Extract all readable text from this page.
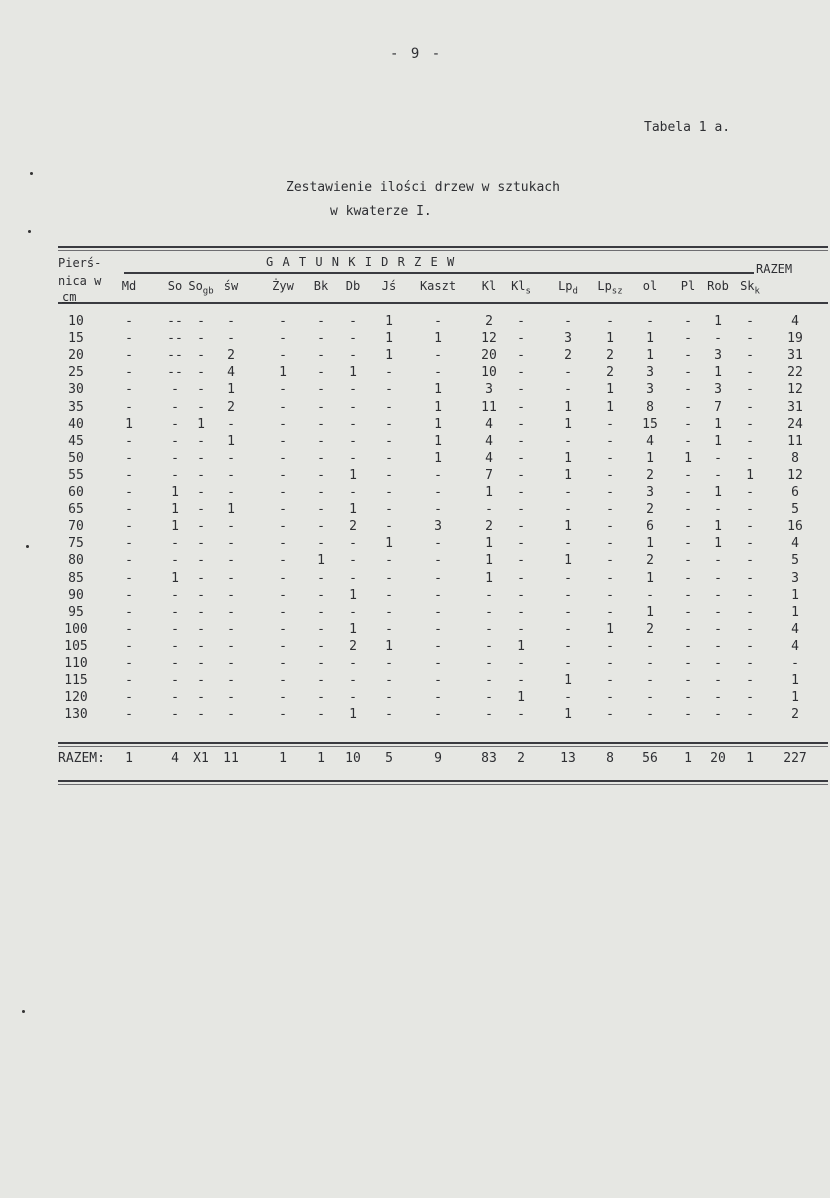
- 9 -
Tabela 1 a.
Zestawienie ilości drzew w sztukach
w kwaterze I.
Pierś-
nica w
cm
G A T U N K I D R Z E W	RAZEM
Md	So $So_{gb}$ św	Żyw Bk Db Jś Kaszt Kl $Kl_s$ $Lp_d$ $Lp_{sz}$ ol Pl Rob $Sk_k$
10	-	-- - -	- - - 1	-	2 -	-	- - - 1 -	4
15	-	-- - -	- - - 1	1	12 -	3	1 1 - - -	19
20	-	-- - 2	- - - 1	-	20 -	2	2 1 - 3 -	31
25	-	-- - 4	1 - 1 -	-	10 -	-	2 3 - 1 -	22
30	-	- - 1	- - - -	1	3 -	-	1 3 - 3 -	12
35	-	- - 2	- - - -	1	11 -	1	1 8 - 7 -	31
40	1	- 1 -	- - - -	1	4 -	1	- 15 - 1 -	24
45	-	- - 1	- - - -	1	4 -	-	- 4 - 1 -	11
50	-	- - -	- - - -	1	4 -	1	- 1 1 - -	8
55	-	- - -	- - 1 -	-	7 -	1	- 2 - - 1	12
60	-	1 - -	- - - -	-	1 -	-	- 3 - 1 -	6
65	-	1 - 1	- - 1 -	-	- -	-	- 2 - - -	5
70	-	1 - -	- - 2 -	3	2 -	1	- 6 - 1 -	16
75	-	- - -	- - - 1	-	1 -	-	- 1 - 1 -	4
80	-	- - -	- 1 - -	-	1 -	1	- 2 - - -	5
85	-	1 - -	- - - -	-	1 -	-	- 1 - - -	3
90	-	- - -	- - 1 -	-	- -	-	- - - - -	1
95	-	- - -	- - - -	-	- -	-	- 1 - - -	1
100	-	- - -	- - 1 -	-	- -	-	1 2 - - -	4
105	-	- - -	- - 2 1	-	- 1	-	- - - - -	4
110	-	- - -	- - - -	-	- -	-	- - - - -	-
115	-	- - -	- - - -	-	- -	1	- - - - -	1
120	-	- - -	- - - -	-	- 1	-	- - - - -	1
130	-	- - -	- - 1 -	-	- -	1	- - - - -	2
RAZEM: 1	4 X1 11	1 1 10 5	9	83 2	13 8 56 1 20 1 227
